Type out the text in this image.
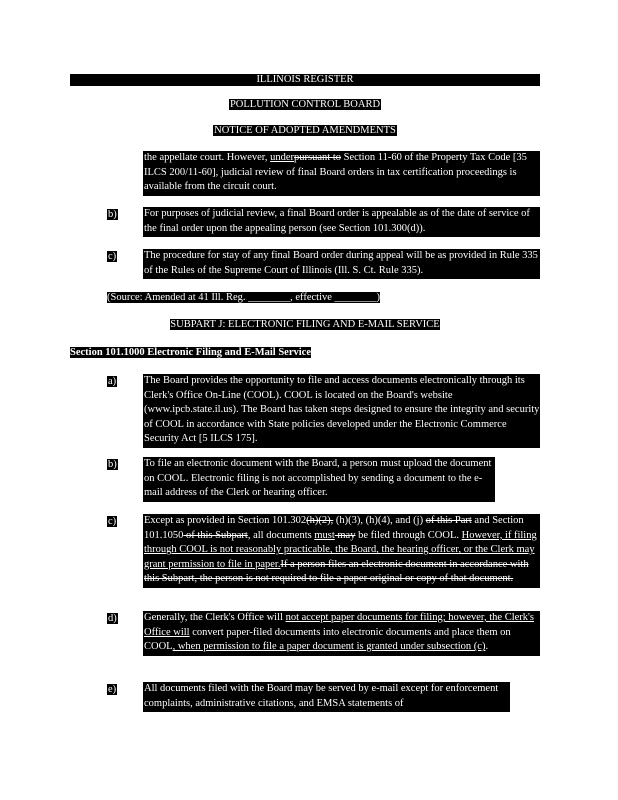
ILLINOIS REGISTER
POLLUTION CONTROL BOARD
NOTICE OF ADOPTED AMENDMENTS
the appellate court. However, underpursuant to Section 11-60 of the Property Tax Code [35 ILCS 200/11-60], judicial review of final Board orders in tax certification proceedings is available from the circuit court.
b)	For purposes of judicial review, a final Board order is appealable as of the date of service of the final order upon the appealing person (see Section 101.300(d)).
c)	The procedure for stay of any final Board order during appeal will be as provided in Rule 335 of the Rules of the Supreme Court of Illinois (Ill. S. Ct. Rule 335).
(Source: Amended at 41 Ill. Reg. ________, effective ________)
SUBPART J: ELECTRONIC FILING AND E-MAIL SERVICE
Section 101.1000 Electronic Filing and E-Mail Service
a)	The Board provides the opportunity to file and access documents electronically through its Clerk's Office On-Line (COOL). COOL is located on the Board's website (www.ipcb.state.il.us). The Board has taken steps designed to ensure the integrity and security of COOL in accordance with State policies developed under the Electronic Commerce Security Act [5 ILCS 175].
b)	To file an electronic document with the Board, a person must upload the document on COOL. Electronic filing is not accomplished by sending a document to the e-mail address of the Clerk or hearing officer.
c)	Except as provided in Section 101.302(h)(2), (h)(3), (h)(4), and (j) of this Part and Section 101.1050 of this Subpart, all documents must may be filed through COOL. However, if filing through COOL is not reasonably practicable, the Board, the hearing officer, or the Clerk may grant permission to file in paper.If a person files an electronic document in accordance with this Subpart, the person is not required to file a paper original or copy of that document.
d)	Generally, the Clerk's Office will not accept paper documents for filing; however, the Clerk's Office will convert paper-filed documents into electronic documents and place them on COOL, when permission to file a paper document is granted under subsection (c).
e)	All documents filed with the Board may be served by e-mail except for enforcement complaints, administrative citations, and EMSA statements of
